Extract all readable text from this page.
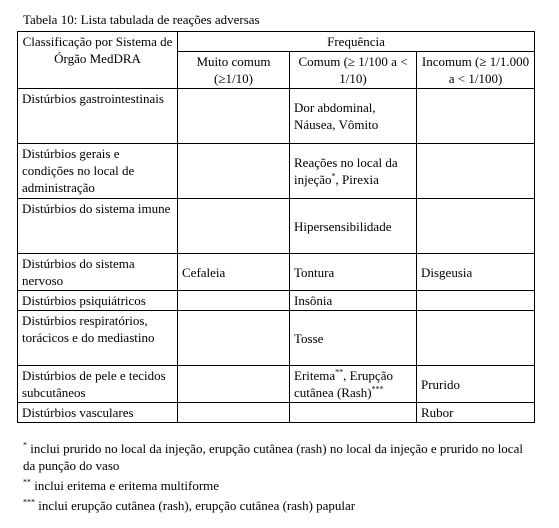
Tabela 10: Lista tabulada de reações adversas
Classificação por Sistema de Órgão MedDRA	Frequência		
	Muito comum (≥1/10)	Comum (≥ 1/100 a < 1/10)	Incomum (≥ 1/1.000 a < 1/100)
Distúrbios gastrointestinais		Dor abdominal, Náusea, Vômito	
Distúrbios gerais e condições no local de administração		Reações no local da injeção*, Pirexia	
Distúrbios do sistema imune		Hipersensibilidade	
Distúrbios do sistema nervoso	Cefaleia	Tontura	Disgeusia
Distúrbios psiquiátricos		Insônia	
Distúrbios respiratórios, torácicos e do mediastino		Tosse	
Distúrbios de pele e tecidos subcutâneos		Eritema**, Erupção cutânea (Rash)***	Prurido
Distúrbios vasculares			Rubor

* inclui prurido no local da injeção, erupção cutânea (rash) no local da injeção e prurido no local da punção do vaso

** inclui eritema e eritema multiforme

*** inclui erupção cutânea (rash), erupção cutânea (rash) papular
